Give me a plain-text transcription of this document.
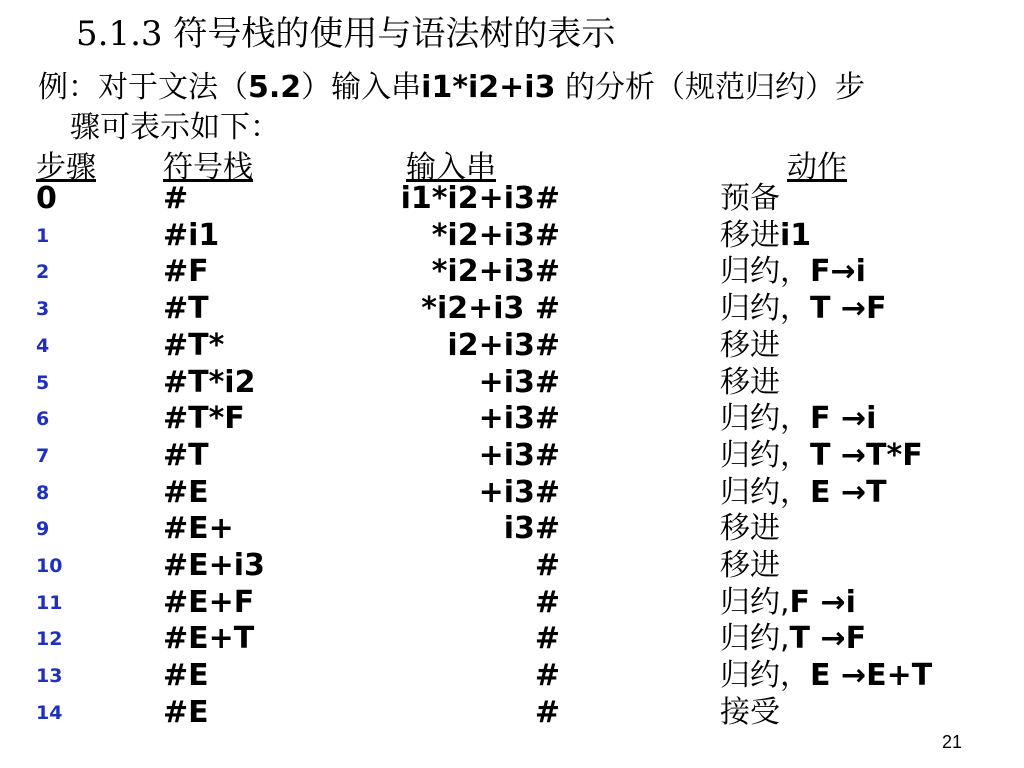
5.1.3 符号栈的使用与语法树的表示
例：对于文法（5.2）输入串i1*i2+i3 的分析（规范归约）步
骤可表示如下：
步骤 符号栈	输入串	动作
0	#	i1*i2+i3#	预备
1	#i1	*i2+i3#	移进i1
2	#F	*i2+i3#	归约，F→i
3	#T	*i2+i3 #	归约，T →F
4	#T*	i2+i3#	移进
5	#T*i2	+i3#	移进
6	#T*F	+i3#	归约，F →i
7	#T	+i3#	归约，T →T*F
8	#E	+i3#	归约，E →T
9	#E+	i3#	移进
10	#E+i3	#	移进
11	#E+F	#	归约,F →i
12	#E+T	#	归约,T →F
13	#E	#	归约，E →E+T
14	#E	#	接受
21
